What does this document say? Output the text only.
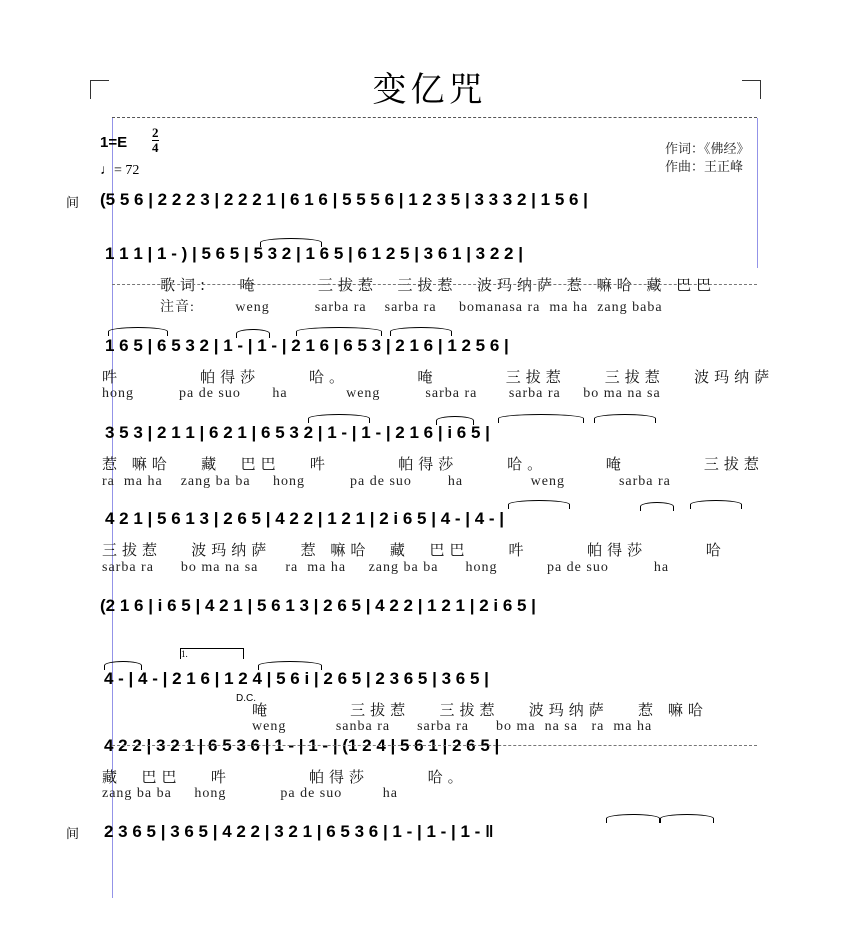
变亿咒
作词：《佛经》
作曲：王正峰
1=E
2
4
♩= 72
间
间
(5 5 6 | 2 2 2 3 | 2 2 2 1 | 6 1 6 | 5 5 5 6 | 1 2 3 5 | 3 3 3 2 | 1 5 6 |
1 1 1 | 1 - ) | 5 6 5 | 5 3 2 | 1 6 5 | 6 1 2 5 | 3 6 1 | 3 2 2 |
歌词:   唵      三拔惹  三拔惹  波玛纳萨 惹 嘛哈 藏 巴巴
注音:         weng          sarba ra    sarba ra     bomanasa ra  ma ha  zang baba
1 6 5 | 6 5 3 2 | 1 - | 1 - | 2 1 6 | 6 5 3 | 2 1 6 | 1 2 5 6 |
吽        帕得莎     哈。       唵       三拔惹    三拔惹   波玛纳萨
hong          pa de suo       ha             weng          sarba ra       sarba ra     bo ma na sa
3 5 3 | 2 1 1 | 6 2 1 | 6 5 3 2 | 1 - | 1 - | 2 1 6 | i 6 5 |
惹 嘛哈   藏  巴巴   吽       帕得莎     哈。      唵        三拔惹
ra  ma ha    zang ba ba     hong          pa de suo        ha               weng            sarba ra
4 2 1 | 5 6 1 3 | 2 6 5 | 4 2 2 | 1 2 1 | 2 i 6 5 | 4 - | 4 - |
三拔惹   波玛纳萨   惹 嘛哈  藏  巴巴    吽      帕得莎      哈
sarba ra      bo ma na sa      ra  ma ha     zang ba ba      hong           pa de suo          ha
(2 1 6 | i 6 5 | 4 2 1 | 5 6 1 3 | 2 6 5 | 4 2 2 | 1 2 1 | 2 i 6 5 |
4 - | 4 - | 2 1 6 | 1 2 4 | 5 6 i | 2 6 5 | 2 3 6 5 | 3 6 5 |
唵        三拔惹   三拔惹   波玛纳萨   惹 嘛哈
weng           sanba ra      sarba ra      bo ma  na sa   ra  ma ha
1.
D.C.
4 2 2 | 3 2 1 | 6 5 3 6 | 1 - | 1 - | (1 2 4 | 5 6 1 | 2 6 5 |
藏  巴巴   吽        帕得莎      哈。
zang ba ba     hong            pa de suo         ha
2 3 6 5 | 3 6 5 | 4 2 2 | 3 2 1 | 6 5 3 6 | 1 - | 1 - | 1 - ‖
